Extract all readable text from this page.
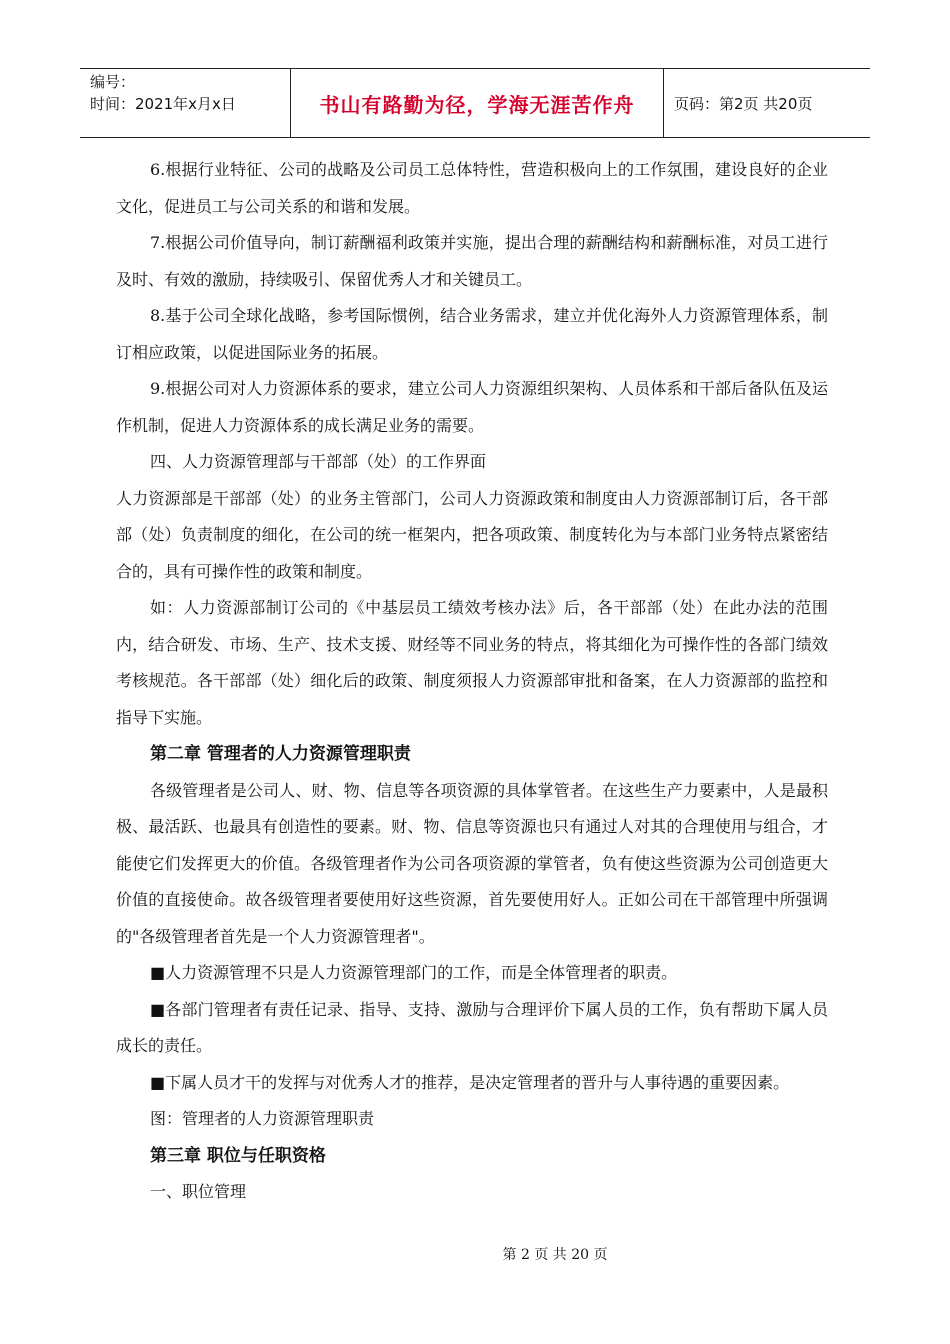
编号：
时间：2021年x月x日	书山有路勤为径，学海无涯苦作舟	页码：第2页 共20页

6.根据行业特征、公司的战略及公司员工总体特性，营造积极向上的工作氛围，建设良好的企业文化，促进员工与公司关系的和谐和发展。

7.根据公司价值导向，制订薪酬福利政策并实施，提出合理的薪酬结构和薪酬标准，对员工进行及时、有效的激励，持续吸引、保留优秀人才和关键员工。

8.基于公司全球化战略，参考国际惯例，结合业务需求，建立并优化海外人力资源管理体系，制订相应政策，以促进国际业务的拓展。

9.根据公司对人力资源体系的要求，建立公司人力资源组织架构、人员体系和干部后备队伍及运作机制，促进人力资源体系的成长满足业务的需要。

四、人力资源管理部与干部部（处）的工作界面

人力资源部是干部部（处）的业务主管部门，公司人力资源政策和制度由人力资源部制订后，各干部部（处）负责制度的细化，在公司的统一框架内，把各项政策、制度转化为与本部门业务特点紧密结合的，具有可操作性的政策和制度。

如：人力资源部制订公司的《中基层员工绩效考核办法》后，各干部部（处）在此办法的范围内，结合研发、市场、生产、技术支援、财经等不同业务的特点，将其细化为可操作性的各部门绩效考核规范。各干部部（处）细化后的政策、制度须报人力资源部审批和备案，在人力资源部的监控和指导下实施。

第二章 管理者的人力资源管理职责

各级管理者是公司人、财、物、信息等各项资源的具体掌管者。在这些生产力要素中，人是最积极、最活跃、也最具有创造性的要素。财、物、信息等资源也只有通过人对其的合理使用与组合，才能使它们发挥更大的价值。各级管理者作为公司各项资源的掌管者，负有使这些资源为公司创造更大价值的直接使命。故各级管理者要使用好这些资源，首先要使用好人。正如公司在干部管理中所强调的"各级管理者首先是一个人力资源管理者"。

■人力资源管理不只是人力资源管理部门的工作，而是全体管理者的职责。

■各部门管理者有责任记录、指导、支持、激励与合理评价下属人员的工作，负有帮助下属人员成长的责任。

■下属人员才干的发挥与对优秀人才的推荐，是决定管理者的晋升与人事待遇的重要因素。

图：管理者的人力资源管理职责

第三章 职位与任职资格

一、职位管理

第 2 页 共 20 页
